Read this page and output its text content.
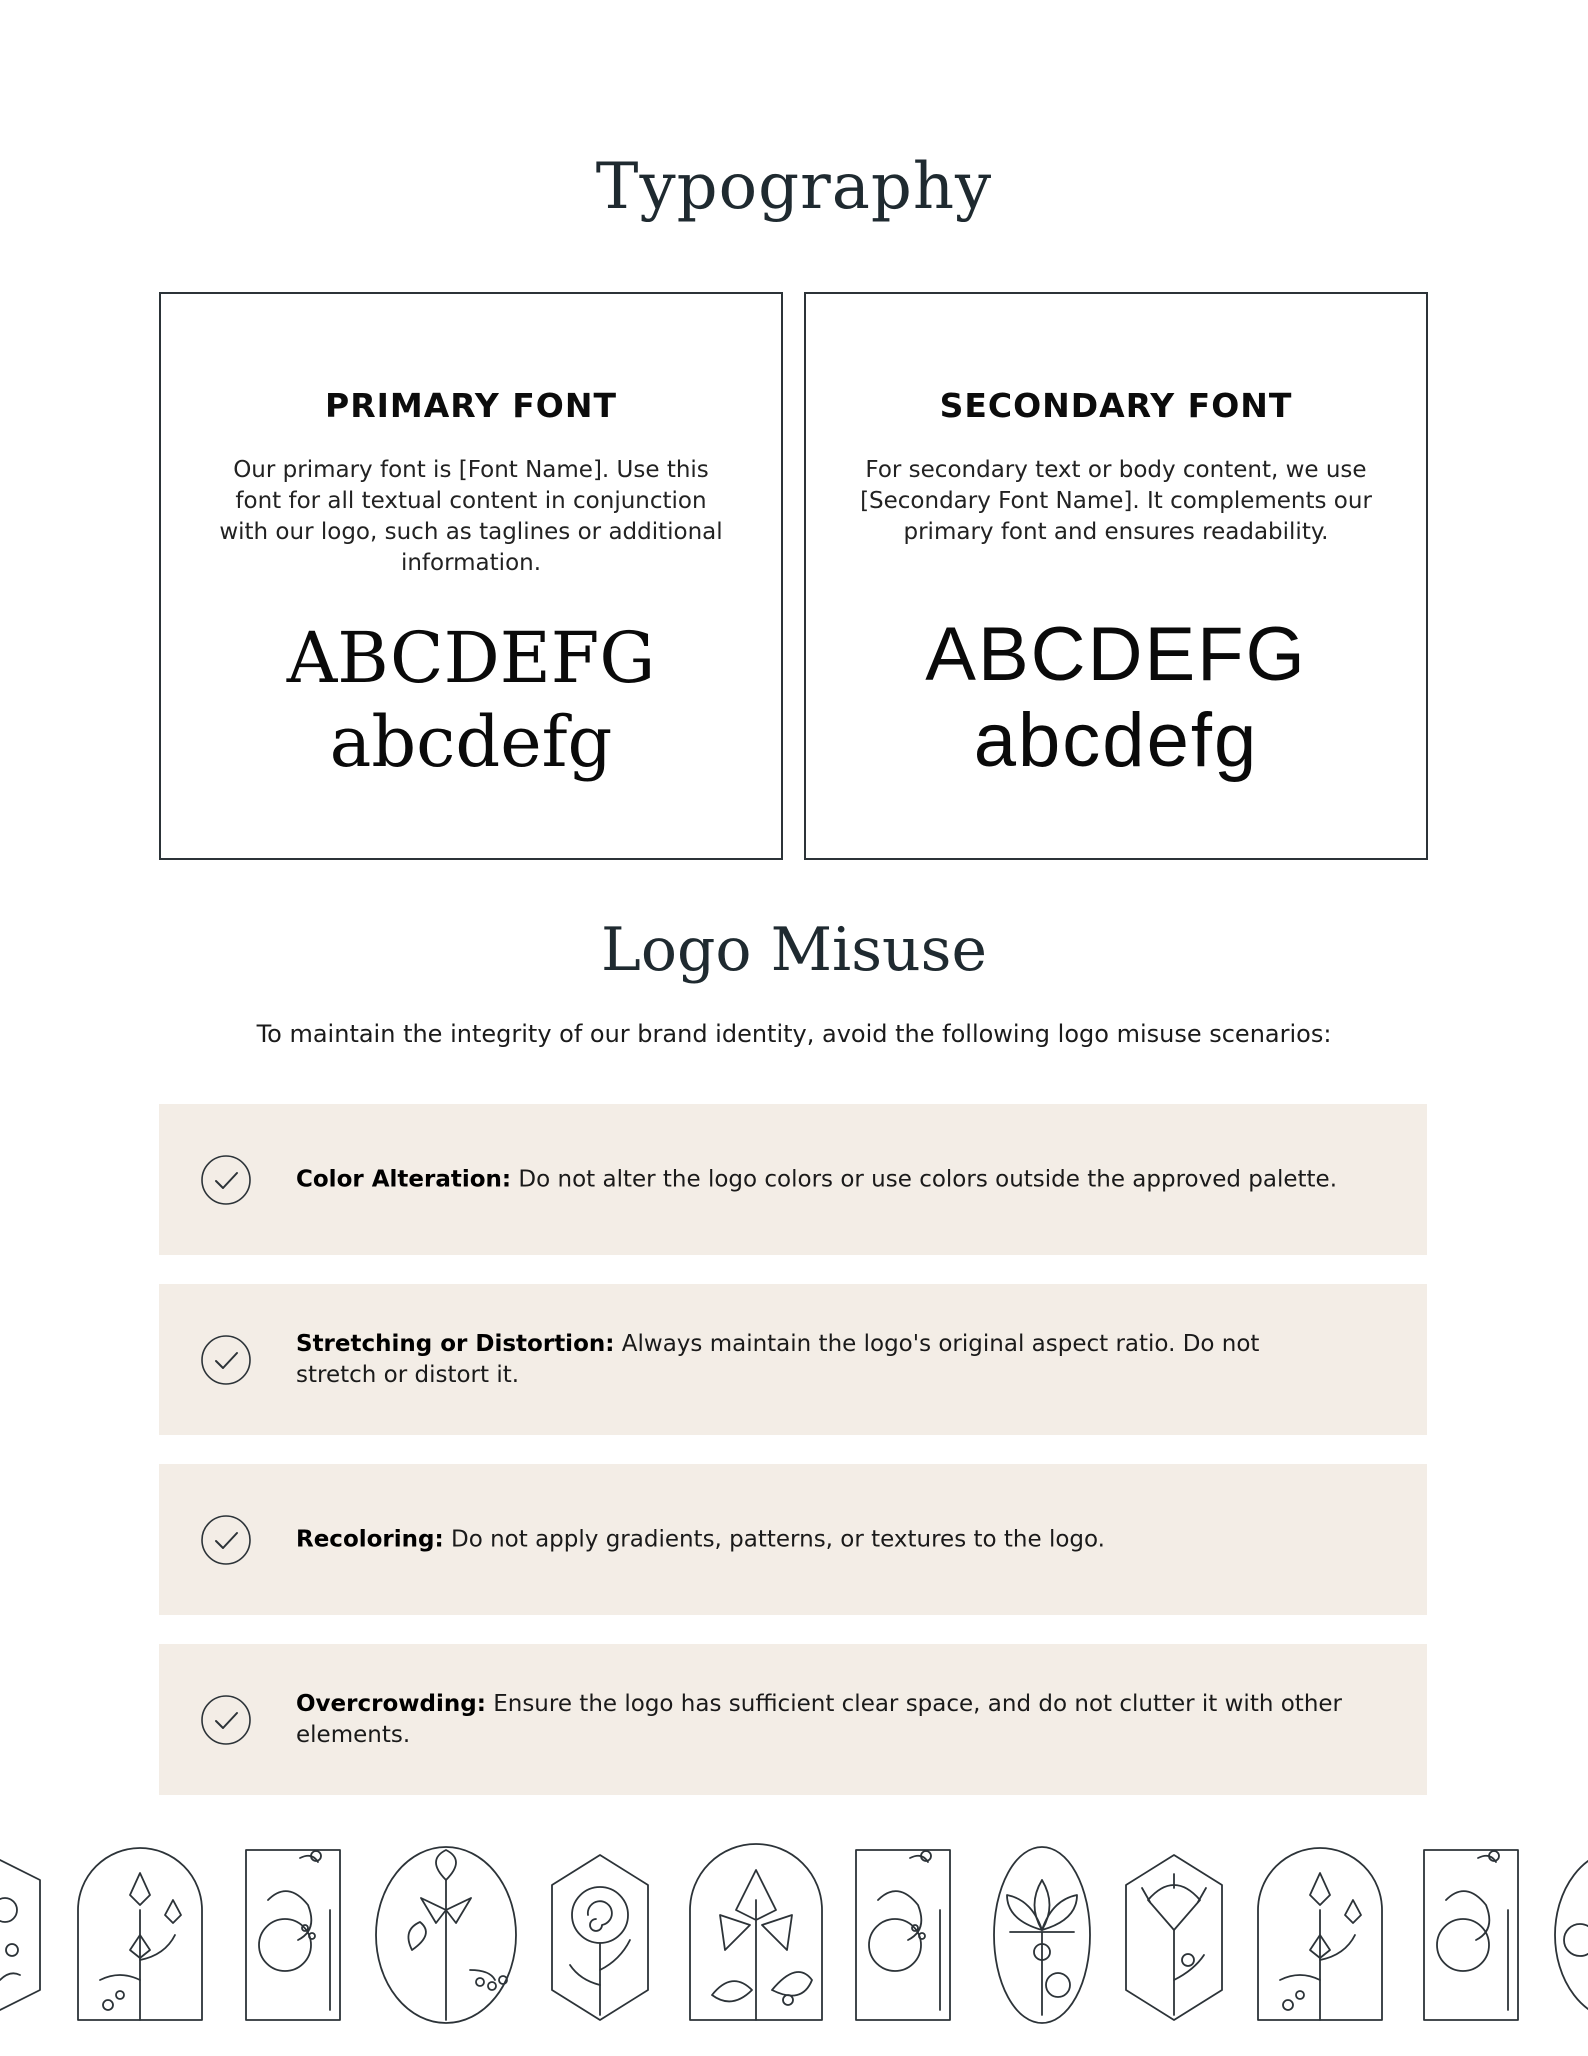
Typography
PRIMARY FONT
Our primary font is [Font Name]. Use this font for all textual content in conjunction with our logo, such as taglines or additional information.
ABCDEFG
abcdefg
SECONDARY FONT
For secondary text or body content, we use [Secondary Font Name]. It complements our primary font and ensures readability.
ABCDEFG
abcdefg
Logo Misuse
To maintain the integrity of our brand identity, avoid the following logo misuse scenarios:
Color Alteration: Do not alter the logo colors or use colors outside the approved palette.
Stretching or Distortion: Always maintain the logo's original aspect ratio. Do not stretch or distort it.
Recoloring: Do not apply gradients, patterns, or textures to the logo.
Overcrowding: Ensure the logo has sufficient clear space, and do not clutter it with other elements.
